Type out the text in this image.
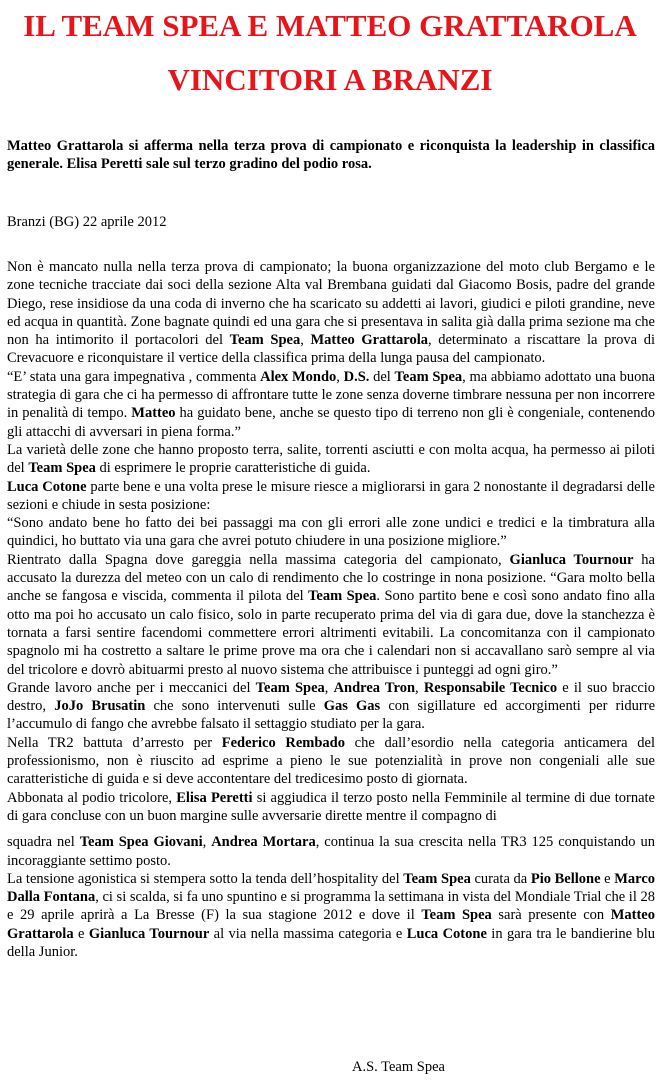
IL TEAM SPEA E MATTEO GRATTAROLA
VINCITORI A BRANZI

Matteo Grattarola si afferma nella terza prova di campionato e riconquista la leadership in classifica generale. Elisa Peretti sale sul terzo gradino del podio rosa.

Branzi (BG) 22 aprile 2012

Non è mancato nulla nella terza prova di campionato; la buona organizzazione del moto club Bergamo e le zone tecniche tracciate dai soci della sezione Alta val Brembana guidati dal Giacomo Bosis, padre del grande Diego, rese insidiose da una coda di inverno che ha scaricato su addetti ai lavori, giudici e piloti grandine, neve ed acqua in quantità. Zone bagnate quindi ed una gara che si presentava in salita già dalla prima sezione ma che non ha intimorito il portacolori del Team Spea, Matteo Grattarola, determinato a riscattare la prova di Crevacuore e riconquistare il vertice della classifica prima della lunga pausa del campionato.

“E’ stata una gara impegnativa , commenta Alex Mondo, D.S. del Team Spea, ma abbiamo adottato una buona strategia di gara che ci ha permesso di affrontare tutte le zone senza doverne timbrare nessuna per non incorrere in penalità di tempo. Matteo ha guidato bene, anche se questo tipo di terreno non gli è congeniale, contenendo gli attacchi di avversari in piena forma.”

La varietà delle zone che hanno proposto terra, salite, torrenti asciutti e con molta acqua, ha permesso ai piloti del Team Spea di esprimere le proprie caratteristiche di guida.

Luca Cotone parte bene e una volta prese le misure riesce a migliorarsi in gara 2 nonostante il degradarsi delle sezioni e chiude in sesta posizione:

“Sono andato bene ho fatto dei bei passaggi ma con gli errori alle zone undici e tredici e la timbratura alla quindici, ho buttato via una gara che avrei potuto chiudere in una posizione migliore.”

Rientrato dalla Spagna dove gareggia nella massima categoria del campionato, Gianluca Tournour ha accusato la durezza del meteo con un calo di rendimento che lo costringe in nona posizione. “Gara molto bella anche se fangosa e viscida, commenta il pilota del Team Spea. Sono partito bene e così sono andato fino alla otto ma poi ho accusato un calo fisico, solo in parte recuperato prima del via di gara due, dove la stanchezza è tornata a farsi sentire facendomi commettere errori altrimenti evitabili. La concomitanza con il campionato spagnolo mi ha costretto a saltare le prime prove ma ora che i calendari non si accavallano sarò sempre al via del tricolore e dovrò abituarmi presto al nuovo sistema che attribuisce i punteggi ad ogni giro.”

Grande lavoro anche per i meccanici del Team Spea, Andrea Tron, Responsabile Tecnico e il suo braccio destro, JoJo Brusatin che sono intervenuti sulle Gas Gas con sigillature ed accorgimenti per ridurre l’accumulo di fango che avrebbe falsato il settaggio studiato per la gara.

Nella TR2 battuta d’arresto per Federico Rembado che dall’esordio nella categoria anticamera del professionismo, non è riuscito ad esprime a pieno le sue potenzialità in prove non congeniali alle sue caratteristiche di guida e si deve accontentare del tredicesimo posto di giornata.

Abbonata al podio tricolore, Elisa Peretti si aggiudica il terzo posto nella Femminile al termine di due tornate di gara concluse con un buon margine sulle avversarie dirette mentre il compagno di

squadra nel Team Spea Giovani, Andrea Mortara, continua la sua crescita nella TR3 125 conquistando un incoraggiante settimo posto.

La tensione agonistica si stempera sotto la tenda dell’hospitality del Team Spea curata da Pio Bellone e Marco Dalla Fontana, ci si scalda, si fa uno spuntino e si programma la settimana in vista del Mondiale Trial che il 28 e 29 aprile aprirà a La Bresse (F) la sua stagione 2012 e dove il Team Spea sarà presente con Matteo Grattarola e Gianluca Tournour al via nella massima categoria e Luca Cotone in gara tra le bandierine blu della Junior.

A.S. Team Spea
